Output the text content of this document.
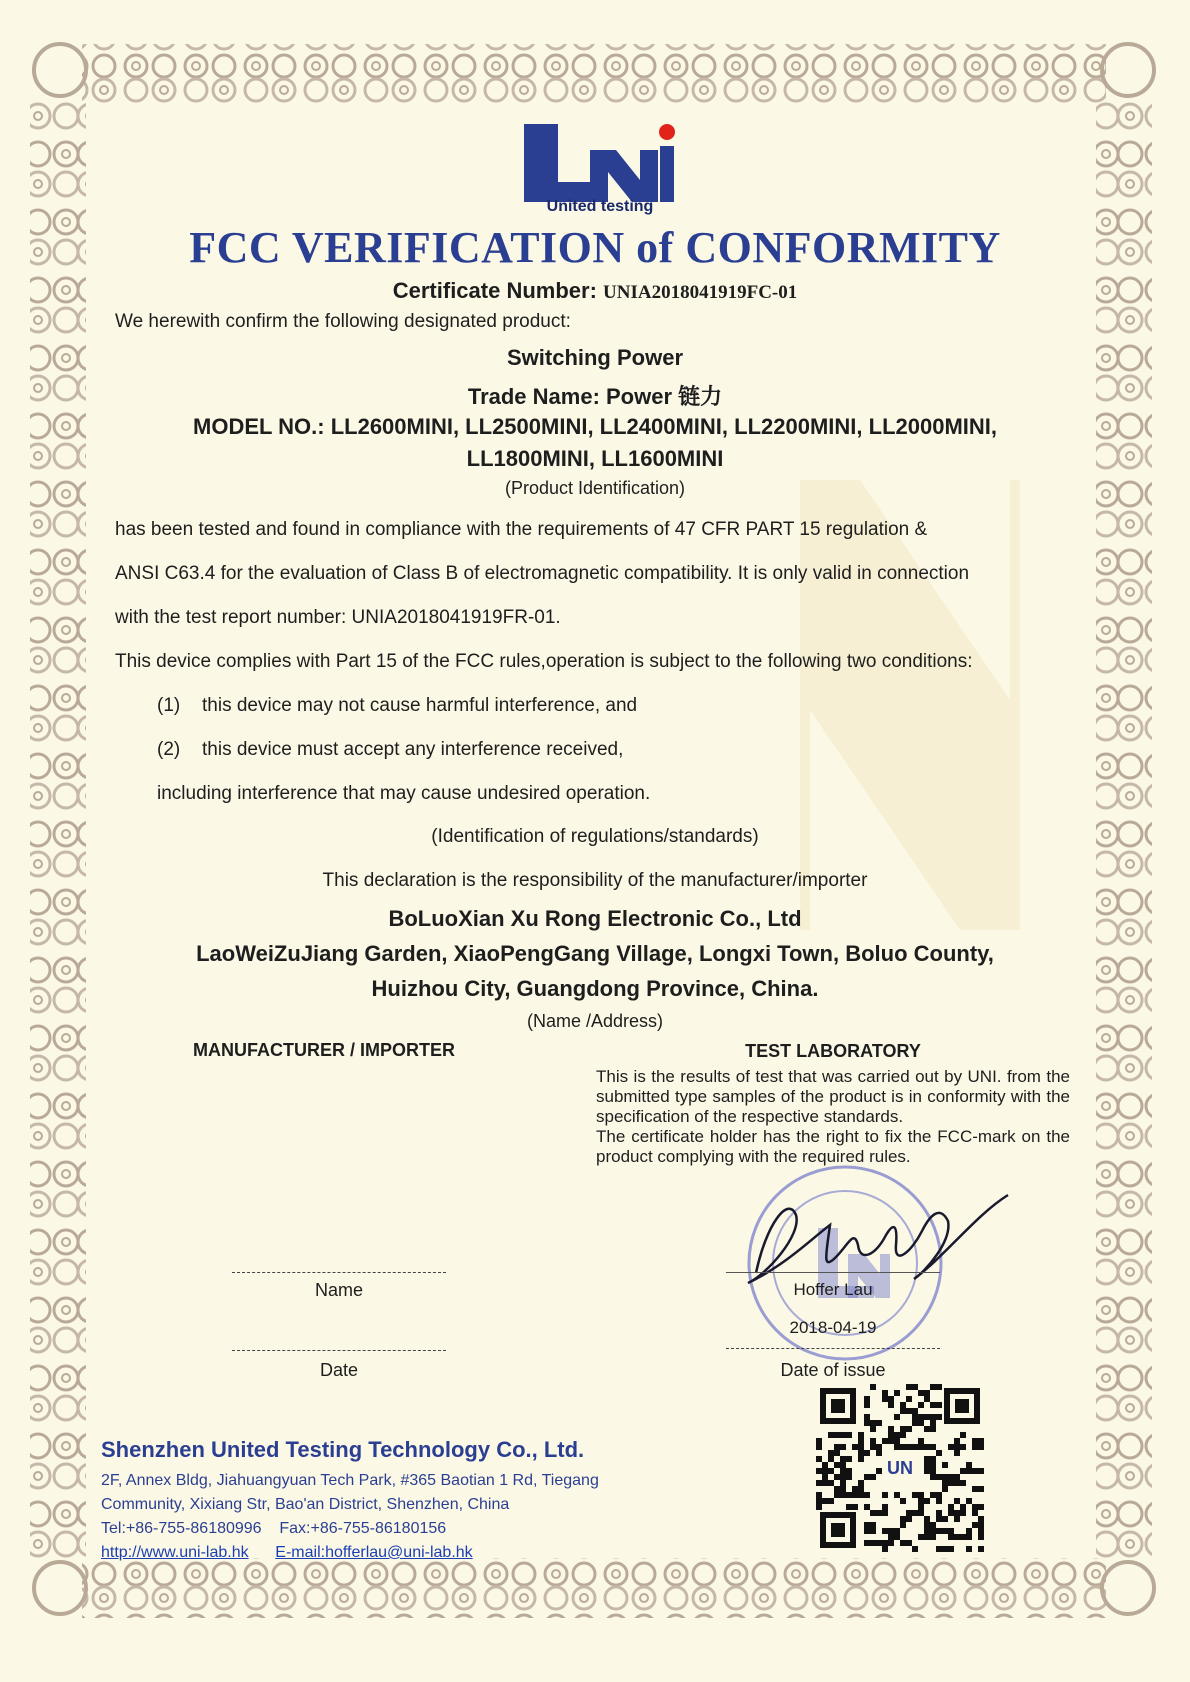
United testing
FCC VERIFICATION of CONFORMITY
Certificate Number: UNIA2018041919FC-01
We herewith confirm the following designated product:
Switching Power
Trade Name: Power 链力
MODEL NO.: LL2600MINI, LL2500MINI, LL2400MINI, LL2200MINI, LL2000MINI,
LL1800MINI, LL1600MINI
(Product Identification)
has been tested and found in compliance with the requirements of 47 CFR PART 15 regulation &
ANSI C63.4 for the evaluation of Class B of electromagnetic compatibility. It is only valid in connection
with the test report number: UNIA2018041919FR-01.
This device complies with Part 15 of the FCC rules,operation is subject to the following two conditions:
(1) this device may not cause harmful interference, and
(2) this device must accept any interference received,
including interference that may cause undesired operation.
(Identification of regulations/standards)
This declaration is the responsibility of the manufacturer/importer
BoLuoXian Xu Rong Electronic Co., Ltd
LaoWeiZuJiang Garden, XiaoPengGang Village, Longxi Town, Boluo County,
Huizhou City, Guangdong Province, China.
(Name /Address)
MANUFACTURER / IMPORTER
Name
Date
TEST LABORATORY
This is the results of test that was carried out by UNI. from the submitted type samples of the product is in conformity with the specification of the respective standards.
The certificate holder has the right to fix the FCC-mark on the product complying with the required rules.
Hoffer Lau
2018-04-19
Date of issue
UN
Shenzhen United Testing Technology Co., Ltd.
2F, Annex Bldg, Jiahuangyuan Tech Park, #365 Baotian 1 Rd, Tiegang
Community, Xixiang Str, Bao'an District, Shenzhen, China
Tel:+86-755-86180996 Fax:+86-755-86180156
http://www.uni-lab.hk E-mail:hofferlau@uni-lab.hk
